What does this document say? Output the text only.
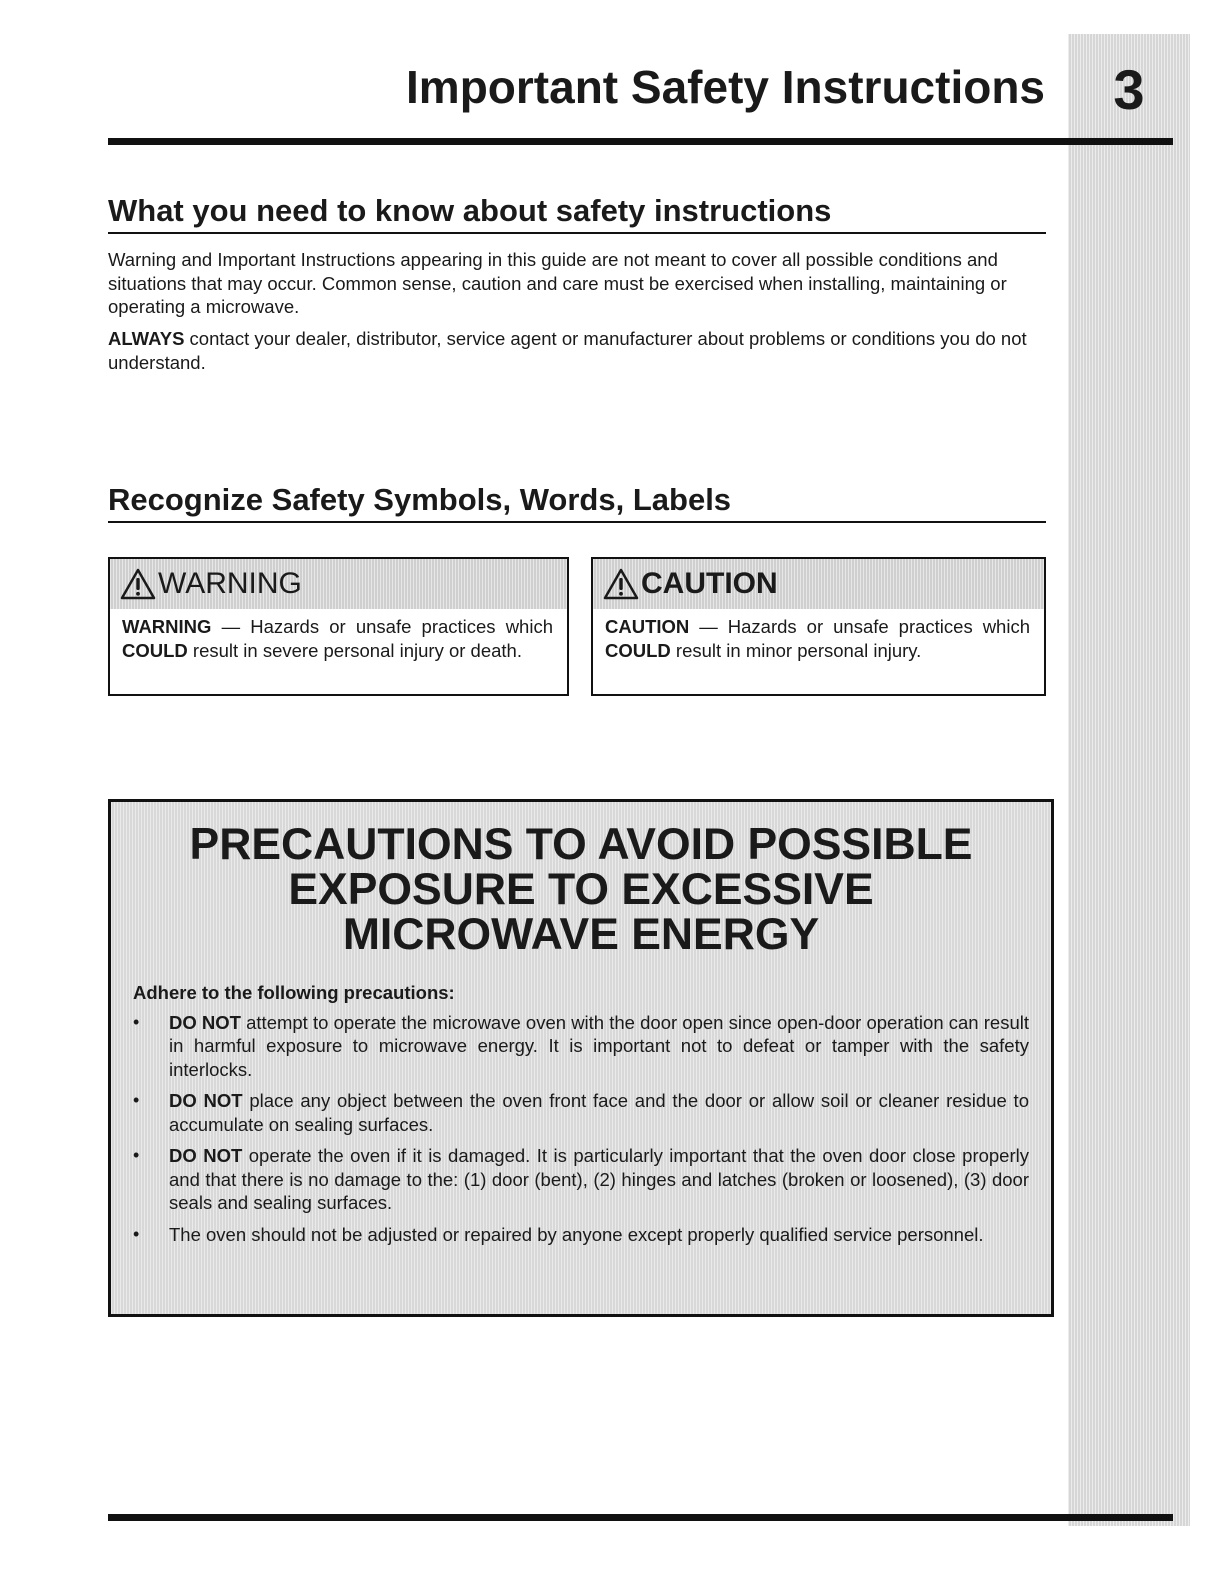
3
Important Safety Instructions
What you need to know about safety instructions

Warning and Important Instructions appearing in this guide are not meant to cover all possible conditions and situations that may occur. Common sense, caution and care must be exercised when installing, maintaining or operating a microwave.

ALWAYS contact your dealer, distributor, service agent or manufacturer about problems or conditions you do not understand.

Recognize Safety Symbols, Words, Labels
WARNING

WARNING — Hazards or unsafe practices which COULD result in severe personal injury or death.

CAUTION

CAUTION — Hazards or unsafe practices which COULD result in minor personal injury.

PRECAUTIONS TO AVOID POSSIBLE
EXPOSURE TO EXCESSIVE
MICROWAVE ENERGY

Adhere to the following precautions:

• DO NOT attempt to operate the microwave oven with the door open since open-door operation can result in harmful exposure to microwave energy. It is important not to defeat or tamper with the safety interlocks.
• DO NOT place any object between the oven front face and the door or allow soil or cleaner residue to accumulate on sealing surfaces.
• DO NOT operate the oven if it is damaged. It is particularly important that the oven door close properly and that there is no damage to the: (1) door (bent), (2) hinges and latches (broken or loosened), (3) door seals and sealing surfaces.
• The oven should not be adjusted or repaired by anyone except properly qualified service personnel.
